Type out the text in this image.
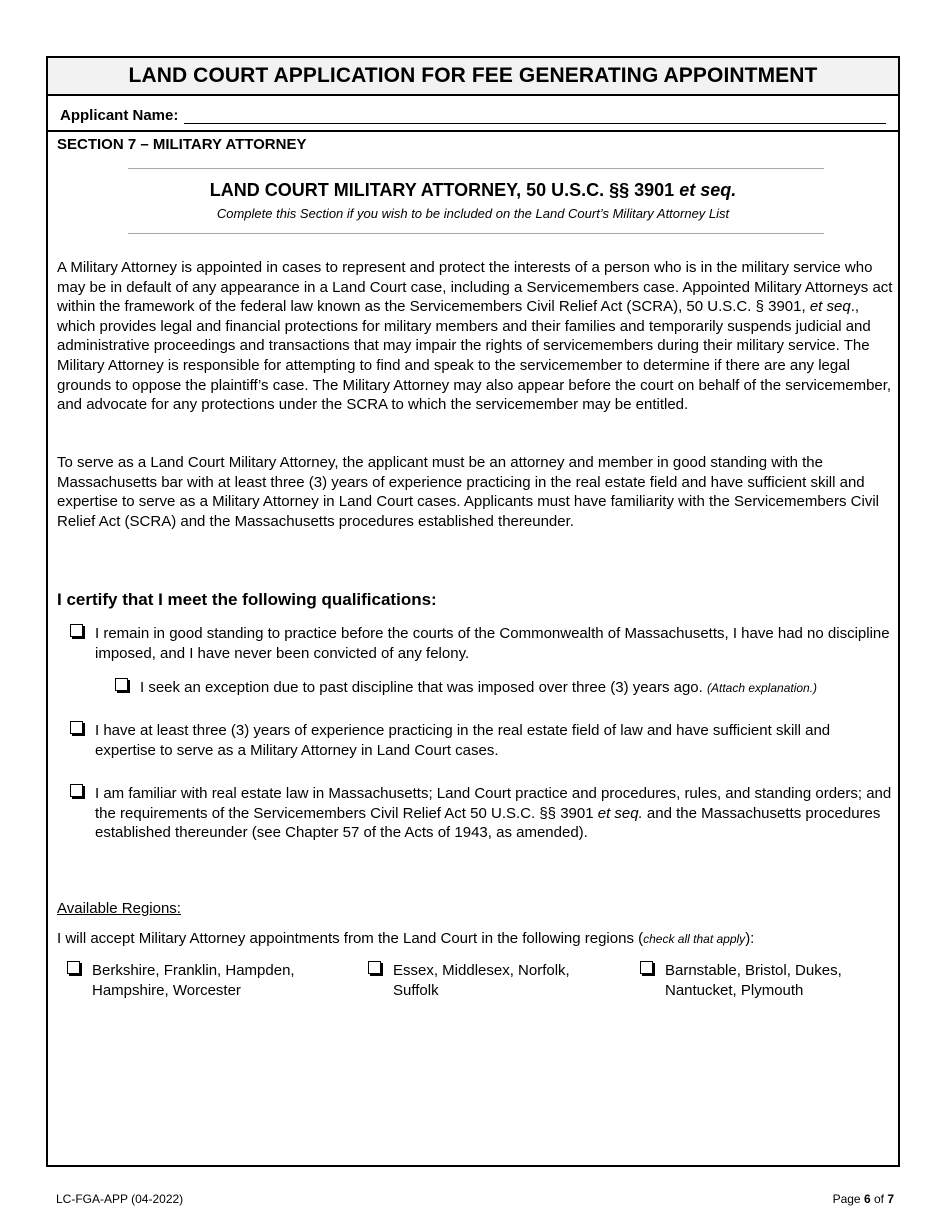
LAND COURT APPLICATION FOR FEE GENERATING APPOINTMENT
Applicant Name:
SECTION 7 – MILITARY ATTORNEY
LAND COURT MILITARY ATTORNEY, 50 U.S.C. §§ 3901 et seq.
Complete this Section if you wish to be included on the Land Court’s Military Attorney List

A Military Attorney is appointed in cases to represent and protect the interests of a person who is in the military service who may be in default of any appearance in a Land Court case, including a Servicemembers case. Appointed Military Attorneys act within the framework of the federal law known as the Servicemembers Civil Relief Act (SCRA), 50 U.S.C. § 3901, et seq., which provides legal and financial protections for military members and their families and temporarily suspends judicial and administrative proceedings and transactions that may impair the rights of servicemembers during their military service. The Military Attorney is responsible for attempting to find and speak to the servicemember to determine if there are any legal grounds to oppose the plaintiff’s case. The Military Attorney may also appear before the court on behalf of the servicemember, and advocate for any protections under the SCRA to which the servicemember may be entitled.

To serve as a Land Court Military Attorney, the applicant must be an attorney and member in good standing with the Massachusetts bar with at least three (3) years of experience practicing in the real estate field and have sufficient skill and expertise to serve as a Military Attorney in Land Court cases. Applicants must have familiarity with the Servicemembers Civil Relief Act (SCRA) and the Massachusetts procedures established thereunder.

I certify that I meet the following qualifications:
I remain in good standing to practice before the courts of the Commonwealth of Massachusetts, I have had no discipline imposed, and I have never been convicted of any felony.
I seek an exception due to past discipline that was imposed over three (3) years ago. (Attach explanation.)
I have at least three (3) years of experience practicing in the real estate field of law and have sufficient skill and expertise to serve as a Military Attorney in Land Court cases.
I am familiar with real estate law in Massachusetts; Land Court practice and procedures, rules, and standing orders; and the requirements of the Servicemembers Civil Relief Act 50 U.S.C. §§ 3901 et seq. and the Massachusetts procedures established thereunder (see Chapter 57 of the Acts of 1943, as amended).
Available Regions:
I will accept Military Attorney appointments from the Land Court in the following regions (check all that apply):
Berkshire, Franklin, Hampden,
Hampshire, Worcester
Essex, Middlesex, Norfolk,
Suffolk
Barnstable, Bristol, Dukes,
Nantucket, Plymouth
LC-FGA-APP (04-2022)	Page 6 of 7
